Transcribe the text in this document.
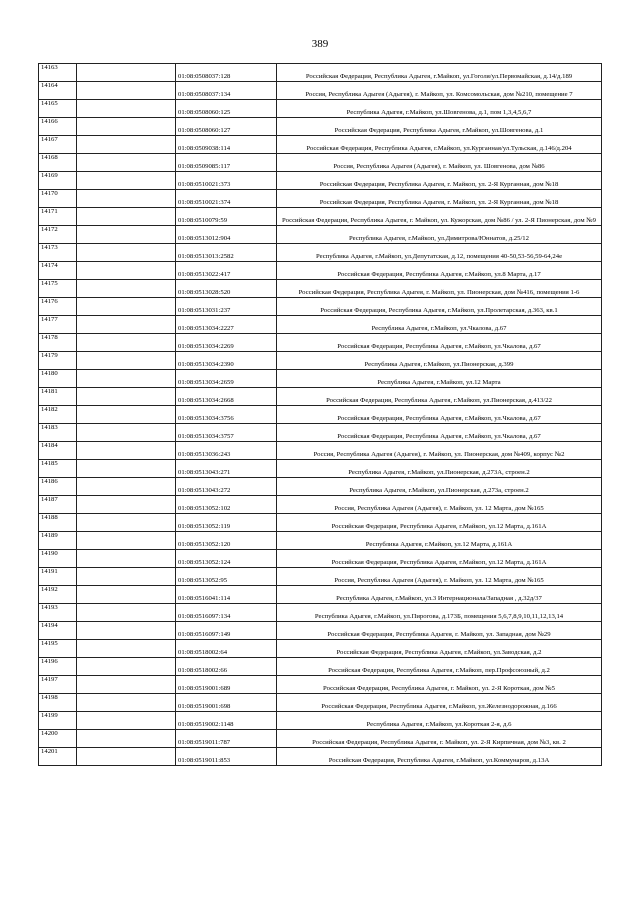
389
14163		01:08:0508037:128	Российская Федерация, Республика Адыгея, г.Майкоп, ул.Гоголя/ул.Первомайская, д.14/д.189
14164		01:08:0508037:134	Россия, Республика Адыгея (Адыгея), г. Майкоп, ул. Комсомольская, дом №210, помещение 7
14165		01:08:0508060:125	Республика Адыгея, г.Майкоп, ул.Шовгенова, д.1, пом 1,3,4,5,6,7
14166		01:08:0508060:127	Российская Федерация, Республика Адыгея, г.Майкоп, ул.Шовгенова, д.1
14167		01:08:0509038:114	Российская Федерация, Республика Адыгея, г.Майкоп, ул.Курганная/ул.Тульская, д.146/д.204
14168		01:08:0509085:117	Россия, Республика Адыгея (Адыгея), г. Майкоп, ул. Шовгенова, дом №86
14169		01:08:0510021:373	Российская Федерация, Республика Адыгея, г. Майкоп, ул. 2-Я Курганная, дом №18
14170		01:08:0510021:374	Российская Федерация, Республика Адыгея, г. Майкоп, ул. 2-Я Курганная, дом №18
14171		01:08:0510079:59	Российская Федерация, Республика Адыгея, г. Майкоп, ул. Кужорская, дом №86 / ул. 2-Я Пионерская, дом №9
14172		01:08:0513012:904	Республика Адыгея, г.Майкоп, ул.Димитрова/Юннатов, д.25/12
14173		01:08:0513013:2582	Республика Адыгея, г.Майкоп, ул.Депутатская, д.12, помещения 40-50,53-56,59-64,24е
14174		01:08:0513022:417	Российская Федерация, Республика Адыгея, г.Майкоп, ул.8 Марта, д.17
14175		01:08:0513028:520	Российская Федерация, Республика Адыгея, г. Майкоп, ул. Пионерская, дом №416, помещения 1-6
14176		01:08:0513031:237	Российская Федерация, Республика Адыгея, г.Майкоп, ул.Пролетарская, д.363, кв.1
14177		01:08:0513034:2227	Республика Адыгея, г.Майкоп, ул.Чкалова, д.67
14178		01:08:0513034:2269	Российская Федерация, Республика Адыгея, г.Майкоп, ул.Чкалова, д.67
14179		01:08:0513034:2390	Республика Адыгея, г.Майкоп, ул.Пионерская, д.399
14180		01:08:0513034:2659	Республика Адыгея, г.Майкоп, ул.12 Марта
14181		01:08:0513034:2668	Российская Федерация, Республика Адыгея, г.Майкоп, ул.Пионерская, д.413/22
14182		01:08:0513034:3756	Российская Федерация, Республика Адыгея, г.Майкоп, ул.Чкалова, д.67
14183		01:08:0513034:3757	Российская Федерация, Республика Адыгея, г.Майкоп, ул.Чкалова, д.67
14184		01:08:0513036:243	Россия, Республика Адыгея (Адыгея), г. Майкоп, ул. Пионерская, дом №409, корпус №2
14185		01:08:0513043:271	Республика Адыгея, г.Майкоп, ул.Пионерская, д.273А, строен.2
14186		01:08:0513043:272	Республика Адыгея, г.Майкоп, ул.Пионерская, д.273а, строен.2
14187		01:08:0513052:102	Россия, Республика Адыгея (Адыгея), г. Майкоп, ул. 12 Марта, дом №165
14188		01:08:0513052:119	Российская Федерация, Республика Адыгея, г.Майкоп, ул.12 Марта, д.161А
14189		01:08:0513052:120	Республика Адыгея, г.Майкоп, ул.12 Марта, д.161А
14190		01:08:0513052:124	Российская Федерация, Республика Адыгея, г.Майкоп, ул.12 Марта, д.161А
14191		01:08:0513052:95	Россия, Республика Адыгея (Адыгея), г. Майкоп, ул. 12 Марта, дом №165
14192		01:08:0516041:114	Республика Адыгея, г.Майкоп, ул.3 Интернационала/Западная , д.32д/37
14193		01:08:0516097:134	Республика Адыгея, г.Майкоп, ул.Пирогова, д.173Б, помещения 5,6,7,8,9,10,11,12,13,14
14194		01:08:0516097:149	Российская Федерация, Республика Адыгея, г. Майкоп, ул. Западная, дом №29
14195		01:08:0518002:64	Российская Федерация, Республика Адыгея, г.Майкоп, ул.Заводская, д.2
14196		01:08:0518002:66	Российская Федерация, Республика Адыгея, г.Майкоп, пер.Профсоюзный, д.2
14197		01:08:0519001:689	Российская Федерация, Республика Адыгея, г. Майкоп, ул. 2-Я Короткая, дом №5
14198		01:08:0519001:698	Российская Федерация, Республика Адыгея, г.Майкоп, ул.Железнодорожная, д.166
14199		01:08:0519002:1148	Республика Адыгея, г.Майкоп, ул.Короткая 2-я, д.6
14200		01:08:0519011:787	Российская Федерация, Республика Адыгея, г. Майкоп, ул. 2-Я Кирпичная, дом №3, кв. 2
14201		01:08:0519011:853	Российская Федерация, Республика Адыгея, г.Майкоп, ул.Коммунаров, д.13А
